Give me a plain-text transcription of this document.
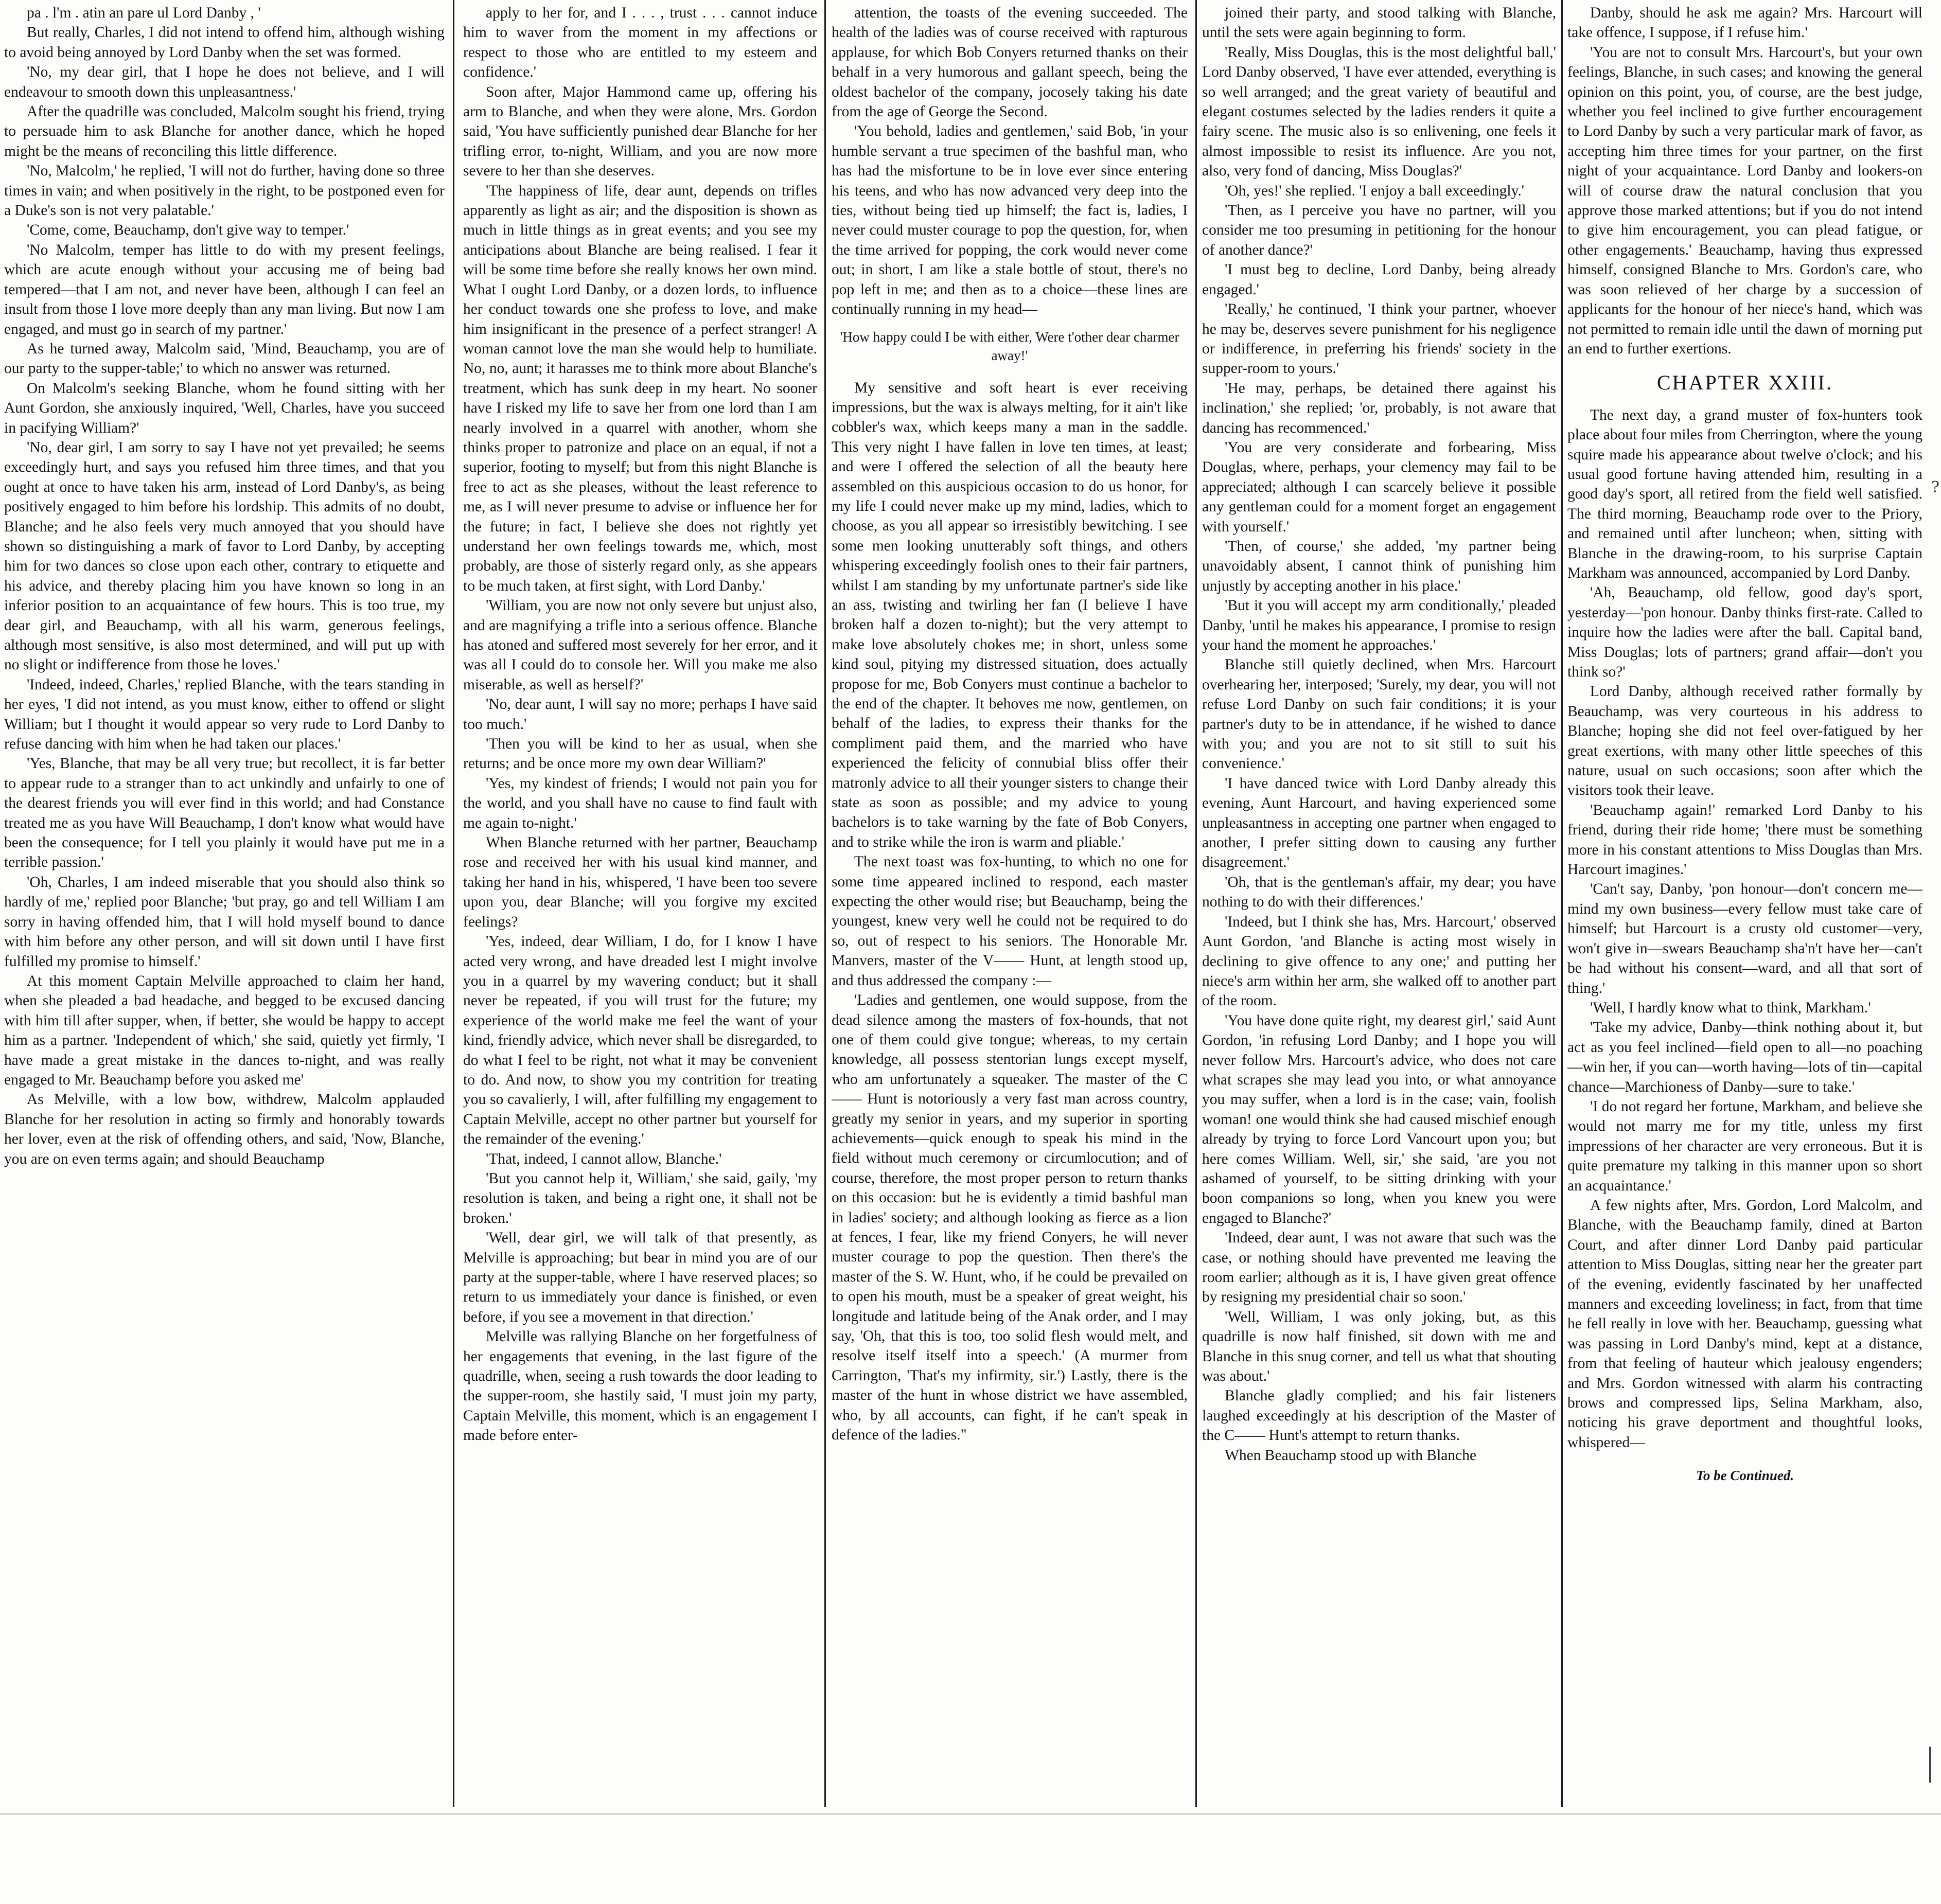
pa . l'm . atin an pare ul Lord Danby , '

But really, Charles, I did not intend to offend him, although wishing to avoid being annoyed by Lord Danby when the set was formed.

'No, my dear girl, that I hope he does not believe, and I will endeavour to smooth down this unpleasantness.'

After the quadrille was concluded, Malcolm sought his friend, trying to persuade him to ask Blanche for another dance, which he hoped might be the means of reconciling this little difference.

'No, Malcolm,' he replied, 'I will not do further, having done so three times in vain; and when positively in the right, to be postponed even for a Duke's son is not very palatable.'

'Come, come, Beauchamp, don't give way to temper.'

'No Malcolm, temper has little to do with my present feelings, which are acute enough without your accusing me of being bad tempered—that I am not, and never have been, although I can feel an insult from those I love more deeply than any man living. But now I am engaged, and must go in search of my partner.'

As he turned away, Malcolm said, 'Mind, Beauchamp, you are of our party to the supper-table;' to which no answer was returned.

On Malcolm's seeking Blanche, whom he found sitting with her Aunt Gordon, she anxiously inquired, 'Well, Charles, have you succeed in pacifying William?'

'No, dear girl, I am sorry to say I have not yet prevailed; he seems exceedingly hurt, and says you refused him three times, and that you ought at once to have taken his arm, instead of Lord Danby's, as being positively engaged to him before his lordship. This admits of no doubt, Blanche; and he also feels very much annoyed that you should have shown so distinguishing a mark of favor to Lord Danby, by accepting him for two dances so close upon each other, contrary to etiquette and his advice, and thereby placing him you have known so long in an inferior position to an acquaintance of few hours. This is too true, my dear girl, and Beauchamp, with all his warm, generous feelings, although most sensitive, is also most determined, and will put up with no slight or indifference from those he loves.'

'Indeed, indeed, Charles,' replied Blanche, with the tears standing in her eyes, 'I did not intend, as you must know, either to offend or slight William; but I thought it would appear so very rude to Lord Danby to refuse dancing with him when he had taken our places.'

'Yes, Blanche, that may be all very true; but recollect, it is far better to appear rude to a stranger than to act unkindly and unfairly to one of the dearest friends you will ever find in this world; and had Constance treated me as you have Will Beauchamp, I don't know what would have been the consequence; for I tell you plainly it would have put me in a terrible passion.'

'Oh, Charles, I am indeed miserable that you should also think so hardly of me,' replied poor Blanche; 'but pray, go and tell William I am sorry in having offended him, that I will hold myself bound to dance with him before any other person, and will sit down until I have first fulfilled my promise to himself.'

At this moment Captain Melville approached to claim her hand, when she pleaded a bad headache, and begged to be excused dancing with him till after supper, when, if better, she would be happy to accept him as a partner. 'Independent of which,' she said, quietly yet firmly, 'I have made a great mistake in the dances to-night, and was really engaged to Mr. Beauchamp before you asked me'

As Melville, with a low bow, withdrew, Malcolm applauded Blanche for her resolution in acting so firmly and honorably towards her lover, even at the risk of offending others, and said, 'Now, Blanche, you are on even terms again; and should Beauchamp

apply to her for, and I . . . , trust . . . cannot induce him to waver from the moment in my affections or respect to those who are entitled to my esteem and confidence.'

Soon after, Major Hammond came up, offering his arm to Blanche, and when they were alone, Mrs. Gordon said, 'You have sufficiently punished dear Blanche for her trifling error, to-night, William, and you are now more severe to her than she deserves.

'The happiness of life, dear aunt, depends on trifles apparently as light as air; and the disposition is shown as much in little things as in great events; and you see my anticipations about Blanche are being realised. I fear it will be some time before she really knows her own mind. What I ought Lord Danby, or a dozen lords, to influence her conduct towards one she profess to love, and make him insignificant in the presence of a perfect stranger! A woman cannot love the man she would help to humiliate. No, no, aunt; it harasses me to think more about Blanche's treatment, which has sunk deep in my heart. No sooner have I risked my life to save her from one lord than I am nearly involved in a quarrel with another, whom she thinks proper to patronize and place on an equal, if not a superior, footing to myself; but from this night Blanche is free to act as she pleases, without the least reference to me, as I will never presume to advise or influence her for the future; in fact, I believe she does not rightly yet understand her own feelings towards me, which, most probably, are those of sisterly regard only, as she appears to be much taken, at first sight, with Lord Danby.'

'William, you are now not only severe but unjust also, and are magnifying a trifle into a serious offence. Blanche has atoned and suffered most severely for her error, and it was all I could do to console her. Will you make me also miserable, as well as herself?'

'No, dear aunt, I will say no more; perhaps I have said too much.'

'Then you will be kind to her as usual, when she returns; and be once more my own dear William?'

'Yes, my kindest of friends; I would not pain you for the world, and you shall have no cause to find fault with me again to-night.'

When Blanche returned with her partner, Beauchamp rose and received her with his usual kind manner, and taking her hand in his, whispered, 'I have been too severe upon you, dear Blanche; will you forgive my excited feelings?

'Yes, indeed, dear William, I do, for I know I have acted very wrong, and have dreaded lest I might involve you in a quarrel by my wavering conduct; but it shall never be repeated, if you will trust for the future; my experience of the world make me feel the want of your kind, friendly advice, which never shall be disregarded, to do what I feel to be right, not what it may be convenient to do. And now, to show you my contrition for treating you so cavalierly, I will, after fulfilling my engagement to Captain Melville, accept no other partner but yourself for the remainder of the evening.'

'That, indeed, I cannot allow, Blanche.'

'But you cannot help it, William,' she said, gaily, 'my resolution is taken, and being a right one, it shall not be broken.'

'Well, dear girl, we will talk of that presently, as Melville is approaching; but bear in mind you are of our party at the supper-table, where I have reserved places; so return to us immediately your dance is finished, or even before, if you see a movement in that direction.'

Melville was rallying Blanche on her forgetfulness of her engagements that evening, in the last figure of the quadrille, when, seeing a rush towards the door leading to the supper-room, she hastily said, 'I must join my party, Captain Melville, this moment, which is an engagement I made before enter-

attention, the toasts of the evening succeeded. The health of the ladies was of course received with rapturous applause, for which Bob Conyers returned thanks on their behalf in a very humorous and gallant speech, being the oldest bachelor of the company, jocosely taking his date from the age of George the Second.

'You behold, ladies and gentlemen,' said Bob, 'in your humble servant a true specimen of the bashful man, who has had the misfortune to be in love ever since entering his teens, and who has now advanced very deep into the ties, without being tied up himself; the fact is, ladies, I never could muster courage to pop the question, for, when the time arrived for popping, the cork would never come out; in short, I am like a stale bottle of stout, there's no pop left in me; and then as to a choice—these lines are continually running in my head—

'How happy could I be with either, Were t'other dear charmer away!'

My sensitive and soft heart is ever receiving impressions, but the wax is always melting, for it ain't like cobbler's wax, which keeps many a man in the saddle. This very night I have fallen in love ten times, at least; and were I offered the selection of all the beauty here assembled on this auspicious occasion to do us honor, for my life I could never make up my mind, ladies, which to choose, as you all appear so irresistibly bewitching. I see some men looking unutterably soft things, and others whispering exceedingly foolish ones to their fair partners, whilst I am standing by my unfortunate partner's side like an ass, twisting and twirling her fan (I believe I have broken half a dozen to-night); but the very attempt to make love absolutely chokes me; in short, unless some kind soul, pitying my distressed situation, does actually propose for me, Bob Conyers must continue a bachelor to the end of the chapter. It behoves me now, gentlemen, on behalf of the ladies, to express their thanks for the compliment paid them, and the married who have experienced the felicity of connubial bliss offer their matronly advice to all their younger sisters to change their state as soon as possible; and my advice to young bachelors is to take warning by the fate of Bob Conyers, and to strike while the iron is warm and pliable.'

The next toast was fox-hunting, to which no one for some time appeared inclined to respond, each master expecting the other would rise; but Beauchamp, being the youngest, knew very well he could not be required to do so, out of respect to his seniors. The Honorable Mr. Manvers, master of the V—— Hunt, at length stood up, and thus addressed the company :—

'Ladies and gentlemen, one would suppose, from the dead silence among the masters of fox-hounds, that not one of them could give tongue; whereas, to my certain knowledge, all possess stentorian lungs except myself, who am unfortunately a squeaker. The master of the C—— Hunt is notoriously a very fast man across country, greatly my senior in years, and my superior in sporting achievements—quick enough to speak his mind in the field without much ceremony or circumlocution; and of course, therefore, the most proper person to return thanks on this occasion: but he is evidently a timid bashful man in ladies' society; and although looking as fierce as a lion at fences, I fear, like my friend Conyers, he will never muster courage to pop the question. Then there's the master of the S. W. Hunt, who, if he could be prevailed on to open his mouth, must be a speaker of great weight, his longitude and latitude being of the Anak order, and I may say, 'Oh, that this is too, too solid flesh would melt, and resolve itself itself into a speech.' (A murmer from Carrington, 'That's my infirmity, sir.') Lastly, there is the master of the hunt in whose district we have assembled, who, by all accounts, can fight, if he can't speak in defence of the ladies."

joined their party, and stood talking with Blanche, until the sets were again beginning to form.

'Really, Miss Douglas, this is the most delightful ball,' Lord Danby observed, 'I have ever attended, everything is so well arranged; and the great variety of beautiful and elegant costumes selected by the ladies renders it quite a fairy scene. The music also is so enlivening, one feels it almost impossible to resist its influence. Are you not, also, very fond of dancing, Miss Douglas?'

'Oh, yes!' she replied. 'I enjoy a ball exceedingly.'

'Then, as I perceive you have no partner, will you consider me too presuming in petitioning for the honour of another dance?'

'I must beg to decline, Lord Danby, being already engaged.'

'Really,' he continued, 'I think your partner, whoever he may be, deserves severe punishment for his negligence or indifference, in preferring his friends' society in the supper-room to yours.'

'He may, perhaps, be detained there against his inclination,' she replied; 'or, probably, is not aware that dancing has recommenced.'

'You are very considerate and forbearing, Miss Douglas, where, perhaps, your clemency may fail to be appreciated; although I can scarcely believe it possible any gentleman could for a moment forget an engagement with yourself.'

'Then, of course,' she added, 'my partner being unavoidably absent, I cannot think of punishing him unjustly by accepting another in his place.'

'But it you will accept my arm conditionally,' pleaded Danby, 'until he makes his appearance, I promise to resign your hand the moment he approaches.'

Blanche still quietly declined, when Mrs. Harcourt overhearing her, interposed; 'Surely, my dear, you will not refuse Lord Danby on such fair conditions; it is your partner's duty to be in attendance, if he wished to dance with you; and you are not to sit still to suit his convenience.'

'I have danced twice with Lord Danby already this evening, Aunt Harcourt, and having experienced some unpleasantness in accepting one partner when engaged to another, I prefer sitting down to causing any further disagreement.'

'Oh, that is the gentleman's affair, my dear; you have nothing to do with their differences.'

'Indeed, but I think she has, Mrs. Harcourt,' observed Aunt Gordon, 'and Blanche is acting most wisely in declining to give offence to any one;' and putting her niece's arm within her arm, she walked off to another part of the room.

'You have done quite right, my dearest girl,' said Aunt Gordon, 'in refusing Lord Danby; and I hope you will never follow Mrs. Harcourt's advice, who does not care what scrapes she may lead you into, or what annoyance you may suffer, when a lord is in the case; vain, foolish woman! one would think she had caused mischief enough already by trying to force Lord Vancourt upon you; but here comes William. Well, sir,' she said, 'are you not ashamed of yourself, to be sitting drinking with your boon companions so long, when you knew you were engaged to Blanche?'

'Indeed, dear aunt, I was not aware that such was the case, or nothing should have prevented me leaving the room earlier; although as it is, I have given great offence by resigning my presidential chair so soon.'

'Well, William, I was only joking, but, as this quadrille is now half finished, sit down with me and Blanche in this snug corner, and tell us what that shouting was about.'

Blanche gladly complied; and his fair listeners laughed exceedingly at his description of the Master of the C—— Hunt's attempt to return thanks.

When Beauchamp stood up with Blanche

Danby, should he ask me again? Mrs. Harcourt will take offence, I suppose, if I refuse him.'

'You are not to consult Mrs. Harcourt's, but your own feelings, Blanche, in such cases; and knowing the general opinion on this point, you, of course, are the best judge, whether you feel inclined to give further encouragement to Lord Danby by such a very particular mark of favor, as accepting him three times for your partner, on the first night of your acquaintance. Lord Danby and lookers-on will of course draw the natural conclusion that you approve those marked attentions; but if you do not intend to give him encouragement, you can plead fatigue, or other engagements.' Beauchamp, having thus expressed himself, consigned Blanche to Mrs. Gordon's care, who was soon relieved of her charge by a succession of applicants for the honour of her niece's hand, which was not permitted to remain idle until the dawn of morning put an end to further exertions.

CHAPTER XXIII.

The next day, a grand muster of fox-hunters took place about four miles from Cherrington, where the young squire made his appearance about twelve o'clock; and his usual good fortune having attended him, resulting in a good day's sport, all retired from the field well satisfied. The third morning, Beauchamp rode over to the Priory, and remained until after luncheon; when, sitting with Blanche in the drawing-room, to his surprise Captain Markham was announced, accompanied by Lord Danby.

'Ah, Beauchamp, old fellow, good day's sport, yesterday—'pon honour. Danby thinks first-rate. Called to inquire how the ladies were after the ball. Capital band, Miss Douglas; lots of partners; grand affair—don't you think so?'

Lord Danby, although received rather formally by Beauchamp, was very courteous in his address to Blanche; hoping she did not feel over-fatigued by her great exertions, with many other little speeches of this nature, usual on such occasions; soon after which the visitors took their leave.

'Beauchamp again!' remarked Lord Danby to his friend, during their ride home; 'there must be something more in his constant attentions to Miss Douglas than Mrs. Harcourt imagines.'

'Can't say, Danby, 'pon honour—don't concern me—mind my own business—every fellow must take care of himself; but Harcourt is a crusty old customer—very, won't give in—swears Beauchamp sha'n't have her—can't be had without his consent—ward, and all that sort of thing.'

'Well, I hardly know what to think, Markham.'

'Take my advice, Danby—think nothing about it, but act as you feel inclined—field open to all—no poaching—win her, if you can—worth having—lots of tin—capital chance—Marchioness of Danby—sure to take.'

'I do not regard her fortune, Markham, and believe she would not marry me for my title, unless my first impressions of her character are very erroneous. But it is quite premature my talking in this manner upon so short an acquaintance.'

A few nights after, Mrs. Gordon, Lord Malcolm, and Blanche, with the Beauchamp family, dined at Barton Court, and after dinner Lord Danby paid particular attention to Miss Douglas, sitting near her the greater part of the evening, evidently fascinated by her unaffected manners and exceeding loveliness; in fact, from that time he fell really in love with her. Beauchamp, guessing what was passing in Lord Danby's mind, kept at a distance, from that feeling of hauteur which jealousy engenders; and Mrs. Gordon witnessed with alarm his contracting brows and compressed lips, Selina Markham, also, noticing his grave deportment and thoughtful looks, whispered—

To be Continued.

?
